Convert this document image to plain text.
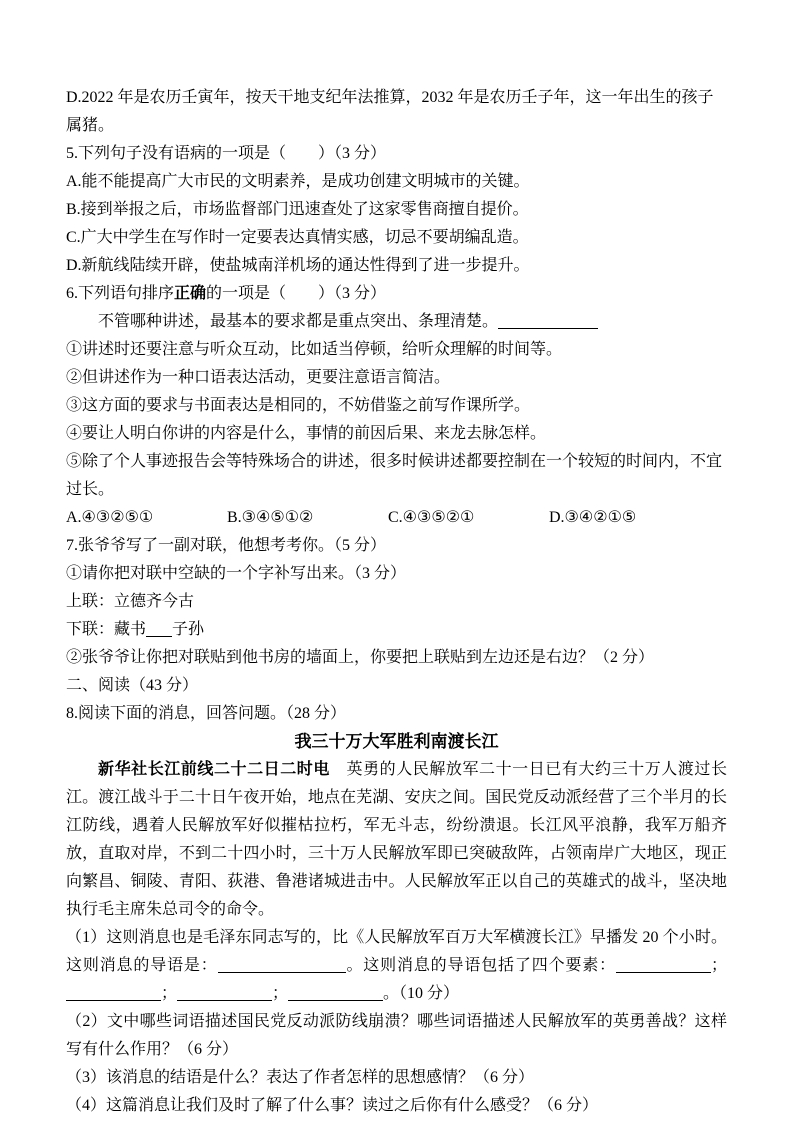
D.2022 年是农历壬寅年，按天干地支纪年法推算，2032 年是农历壬子年，这一年出生的孩子属猪。
5.下列句子没有语病的一项是（　　）（3 分）
A.能不能提高广大市民的文明素养，是成功创建文明城市的关键。
B.接到举报之后，市场监督部门迅速查处了这家零售商擅自提价。
C.广大中学生在写作时一定要表达真情实感，切忌不要胡编乱造。
D.新航线陆续开辟，使盐城南洋机场的通达性得到了进一步提升。
6.下列语句排序正确的一项是（　　）（3 分）
不管哪种讲述，最基本的要求都是重点突出、条理清楚。
①讲述时还要注意与听众互动，比如适当停顿，给听众理解的时间等。
②但讲述作为一种口语表达活动，更要注意语言简洁。
③这方面的要求与书面表达是相同的，不妨借鉴之前写作课所学。
④要让人明白你讲的内容是什么，事情的前因后果、来龙去脉怎样。
⑤除了个人事迹报告会等特殊场合的讲述，很多时候讲述都要控制在一个较短的时间内，不宜过长。
A.④③②⑤①	B.③④⑤①②	C.④③⑤②①	D.③④②①⑤
7.张爷爷写了一副对联，他想考考你。（5 分）
①请你把对联中空缺的一个字补写出来。（3 分）
上联：立德齐今古
下联：藏书 子孙
②张爷爷让你把对联贴到他书房的墙面上，你要把上联贴到左边还是右边？（2 分）
二、阅读（43 分）
8.阅读下面的消息，回答问题。（28 分）
我三十万大军胜利南渡长江
新华社长江前线二十二日二时电　英勇的人民解放军二十一日已有大约三十万人渡过长江。渡江战斗于二十日午夜开始，地点在芜湖、安庆之间。国民党反动派经营了三个半月的长江防线，遇着人民解放军好似摧枯拉朽，军无斗志，纷纷溃退。长江风平浪静，我军万船齐放，直取对岸，不到二十四小时，三十万人民解放军即已突破敌阵，占领南岸广大地区，现正向繁昌、铜陵、青阳、荻港、鲁港诸城进击中。人民解放军正以自己的英雄式的战斗，坚决地执行毛主席朱总司令的命令。
（1）这则消息也是毛泽东同志写的，比《人民解放军百万大军横渡长江》早播发 20 个小时。这则消息的导语是：	。这则消息的导语包括了四个要素：	；；	；	。（10 分）
（2）文中哪些词语描述国民党反动派防线崩溃？哪些词语描述人民解放军的英勇善战？这样写有什么作用？（6 分）
（3）该消息的结语是什么？表达了作者怎样的思想感情？（6 分）
（4）这篇消息让我们及时了解了什么事？读过之后你有什么感受？（6 分）
